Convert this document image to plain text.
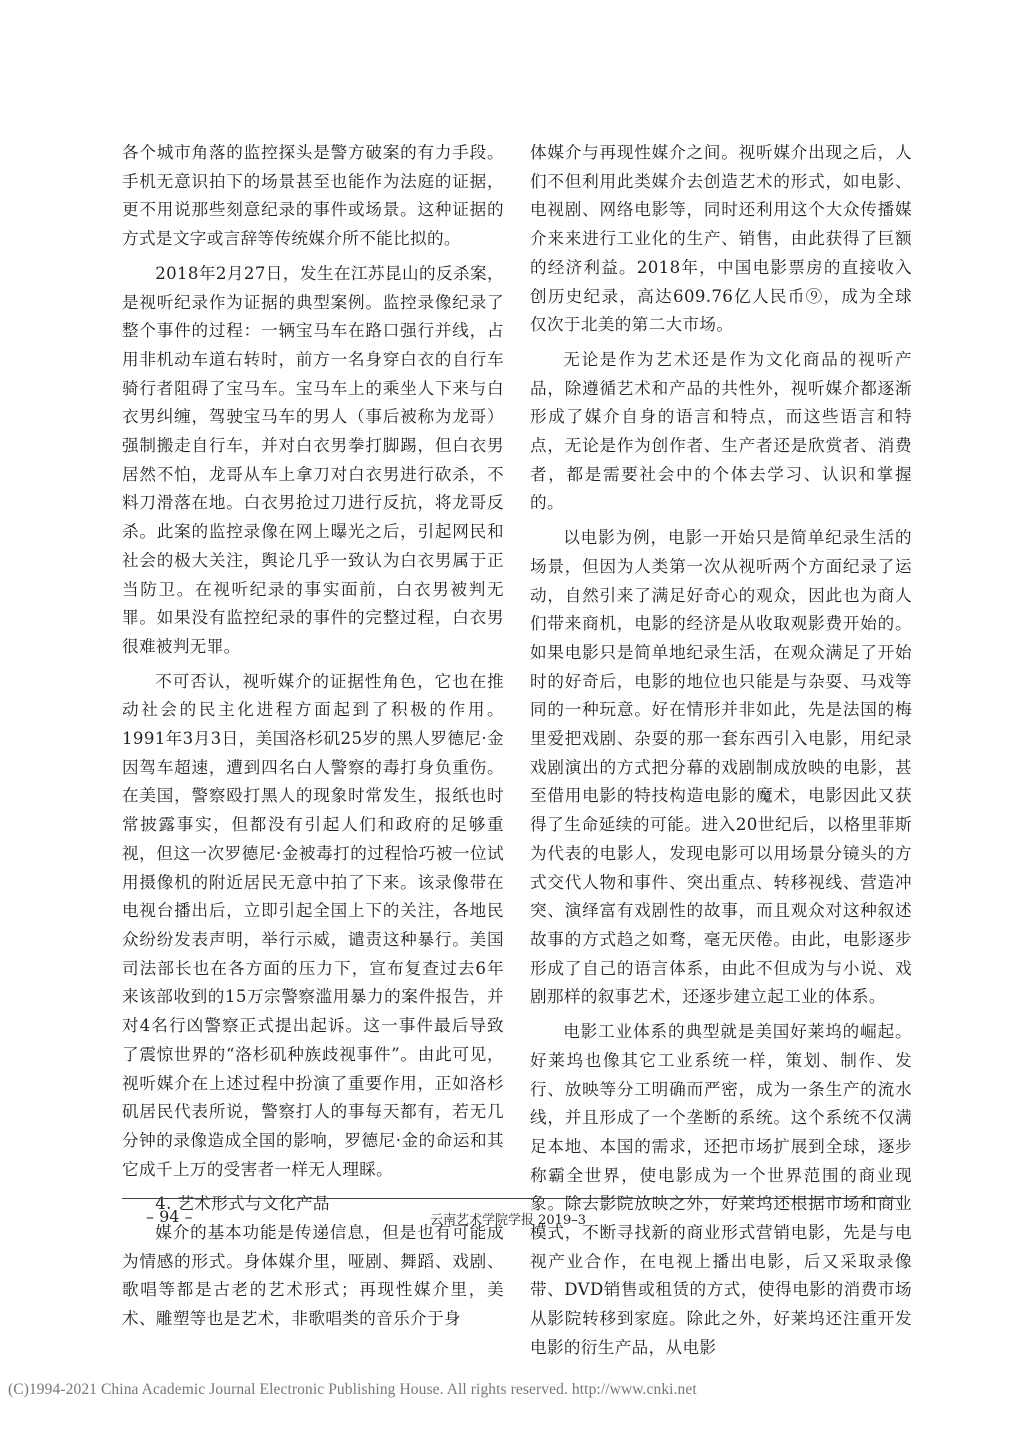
各个城市角落的监控探头是警方破案的有力手段。手机无意识拍下的场景甚至也能作为法庭的证据，更不用说那些刻意纪录的事件或场景。这种证据的方式是文字或言辞等传统媒介所不能比拟的。

2018年2月27日，发生在江苏昆山的反杀案，是视听纪录作为证据的典型案例。监控录像纪录了整个事件的过程：一辆宝马车在路口强行并线，占用非机动车道右转时，前方一名身穿白衣的自行车骑行者阻碍了宝马车。宝马车上的乘坐人下来与白衣男纠缠，驾驶宝马车的男人（事后被称为龙哥）强制搬走自行车，并对白衣男拳打脚踢，但白衣男居然不怕，龙哥从车上拿刀对白衣男进行砍杀，不料刀滑落在地。白衣男抢过刀进行反抗，将龙哥反杀。此案的监控录像在网上曝光之后，引起网民和社会的极大关注，舆论几乎一致认为白衣男属于正当防卫。在视听纪录的事实面前，白衣男被判无罪。如果没有监控纪录的事件的完整过程，白衣男很难被判无罪。

不可否认，视听媒介的证据性角色，它也在推动社会的民主化进程方面起到了积极的作用。1991年3月3日，美国洛杉矶25岁的黑人罗德尼·金因驾车超速，遭到四名白人警察的毒打身负重伤。 在美国，警察殴打黑人的现象时常发生，报纸也时常披露事实，但都没有引起人们和政府的足够重视，但这一次罗德尼·金被毒打的过程恰巧被一位试用摄像机的附近居民无意中拍了下来。该录像带在电视台播出后，立即引起全国上下的关注，各地民众纷纷发表声明，举行示威，谴责这种暴行。美国司法部长也在各方面的压力下，宣布复查过去6年来该部收到的15万宗警察滥用暴力的案件报告，并对4名行凶警察正式提出起诉。这一事件最后导致了震惊世界的“洛杉矶种族歧视事件”。由此可见，视听媒介在上述过程中扮演了重要作用，正如洛杉矶居民代表所说，警察打人的事每天都有，若无几分钟的录像造成全国的影响，罗德尼·金的命运和其它成千上万的受害者一样无人理睬。

4. 艺术形式与文化产品

媒介的基本功能是传递信息，但是也有可能成为情感的形式。身体媒介里，哑剧、舞蹈、戏剧、歌唱等都是古老的艺术形式；再现性媒介里，美术、雕塑等也是艺术，非歌唱类的音乐介于身

体媒介与再现性媒介之间。视听媒介出现之后，人们不但利用此类媒介去创造艺术的形式，如电影、电视剧、网络电影等，同时还利用这个大众传播媒介来来进行工业化的生产、销售，由此获得了巨额的经济利益。2018年，中国电影票房的直接收入创历史纪录，高达609.76亿人民币⑨，成为全球仅次于北美的第二大市场。

无论是作为艺术还是作为文化商品的视听产品，除遵循艺术和产品的共性外，视听媒介都逐渐形成了媒介自身的语言和特点，而这些语言和特点，无论是作为创作者、生产者还是欣赏者、消费者，都是需要社会中的个体去学习、认识和掌握的。

以电影为例，电影一开始只是简单纪录生活的场景，但因为人类第一次从视听两个方面纪录了运动，自然引来了满足好奇心的观众，因此也为商人们带来商机，电影的经济是从收取观影费开始的。如果电影只是简单地纪录生活，在观众满足了开始时的好奇后，电影的地位也只能是与杂耍、马戏等同的一种玩意。好在情形并非如此，先是法国的梅里爱把戏剧、杂耍的那一套东西引入电影，用纪录戏剧演出的方式把分幕的戏剧制成放映的电影，甚至借用电影的特技构造电影的魔术，电影因此又获得了生命延续的可能。进入20世纪后，以格里菲斯为代表的电影人，发现电影可以用场景分镜头的方式交代人物和事件、突出重点、转移视线、营造冲突、演绎富有戏剧性的故事，而且观众对这种叙述故事的方式趋之如骛，毫无厌倦。由此，电影逐步形成了自己的语言体系，由此不但成为与小说、戏剧那样的叙事艺术，还逐步建立起工业的体系。

电影工业体系的典型就是美国好莱坞的崛起。好莱坞也像其它工业系统一样，策划、制作、发行、放映等分工明确而严密，成为一条生产的流水线，并且形成了一个垄断的系统。这个系统不仅满足本地、本国的需求，还把市场扩展到全球，逐步称霸全世界，使电影成为一个世界范围的商业现象。除去影院放映之外，好莱坞还根据市场和商业模式，不断寻找新的商业形式营销电影，先是与电视产业合作，在电视上播出电影，后又采取录像带、DVD销售或租赁的方式，使得电影的消费市场从影院转移到家庭。除此之外，好莱坞还注重开发电影的衍生产品，从电影

– 94 –	云南艺术学院学报 2019–3
(C)1994-2021 China Academic Journal Electronic Publishing House. All rights reserved. http://www.cnki.net
